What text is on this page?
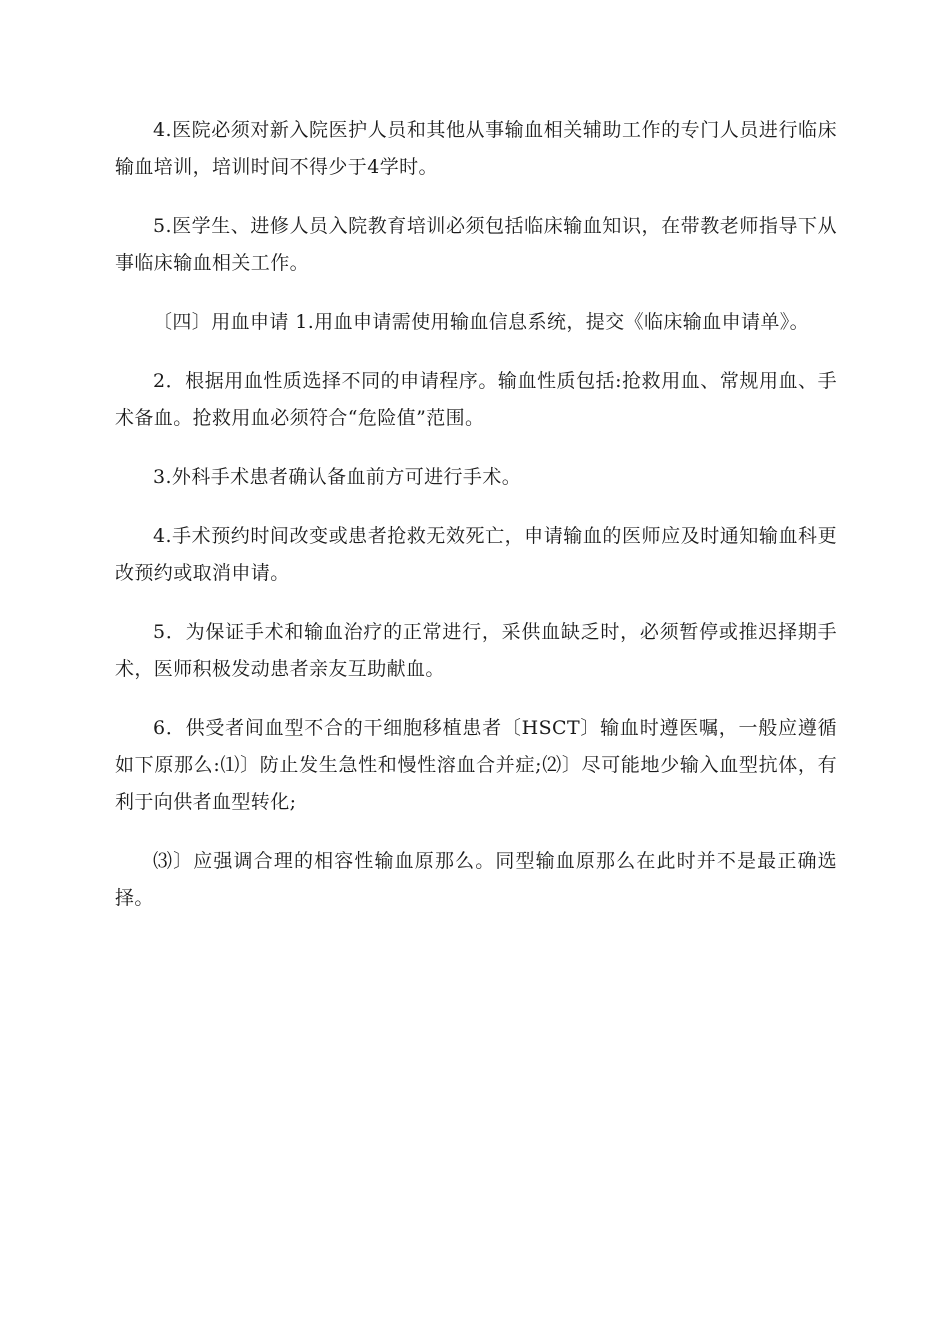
4.医院必须对新入院医护人员和其他从事输血相关辅助工作的专门人员进行临床输血培训，培训时间不得少于4学时。

5.医学生、进修人员入院教育培训必须包括临床输血知识，在带教老师指导下从事临床输血相关工作。

〔四〕用血申请 1.用血申请需使用输血信息系统，提交《临床输血申请单》。

2．根据用血性质选择不同的申请程序。输血性质包括:抢救用血、常规用血、手术备血。抢救用血必须符合“危险值”范围。

3.外科手术患者确认备血前方可进行手术。

4.手术预约时间改变或患者抢救无效死亡，申请输血的医师应及时通知输血科更改预约或取消申请。

5．为保证手术和输血治疗的正常进行，采供血缺乏时，必须暂停或推迟择期手术，医师积极发动患者亲友互助献血。

6．供受者间血型不合的干细胞移植患者〔HSCT〕输血时遵医嘱，一般应遵循如下原那么:⑴〕防止发生急性和慢性溶血合并症;⑵〕尽可能地少输入血型抗体，有利于向供者血型转化;

⑶〕应强调合理的相容性输血原那么。同型输血原那么在此时并不是最正确选择。
